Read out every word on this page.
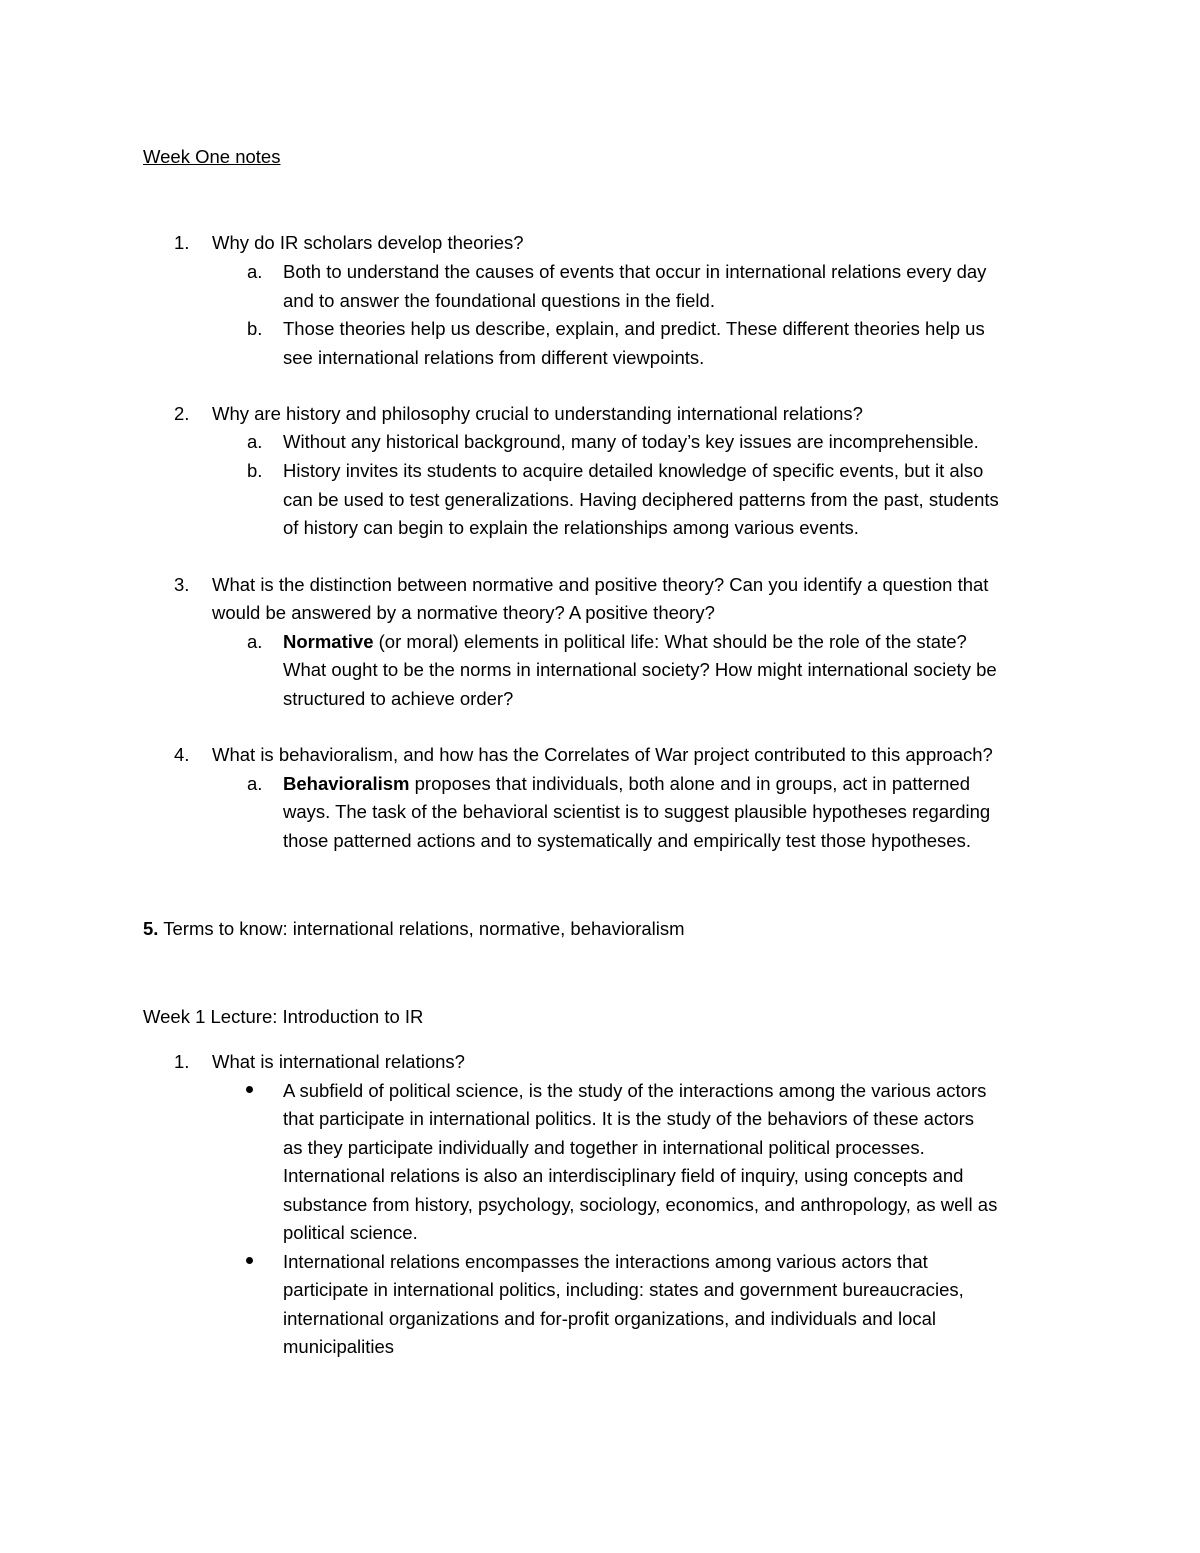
Week One notes
1. Why do IR scholars develop theories?
a. Both to understand the causes of events that occur in international relations every day
and to answer the foundational questions in the field.
b. Those theories help us describe, explain, and predict. These different theories help us
see international relations from different viewpoints.
2. Why are history and philosophy crucial to understanding international relations?
a. Without any historical background, many of today’s key issues are incomprehensible.
b. History invites its students to acquire detailed knowledge of specific events, but it also
can be used to test generalizations. Having deciphered patterns from the past, students
of history can begin to explain the relationships among various events.
3. What is the distinction between normative and positive theory? Can you identify a question that
would be answered by a normative theory? A positive theory?
a. Normative (or moral) elements in political life: What should be the role of the state?
What ought to be the norms in international society? How might international society be
structured to achieve order?
4. What is behavioralism, and how has the Correlates of War project contributed to this approach?
a. Behavioralism proposes that individuals, both alone and in groups, act in patterned
ways. The task of the behavioral scientist is to suggest plausible hypotheses regarding
those patterned actions and to systematically and empirically test those hypotheses.
5. Terms to know: international relations, normative, behavioralism
Week 1 Lecture: Introduction to IR
1. What is international relations?
A subfield of political science, is the study of the interactions among the various actors
that participate in international politics. It is the study of the behaviors of these actors
as they participate individually and together in international political processes.
International relations is also an interdisciplinary field of inquiry, using concepts and
substance from history, psychology, sociology, economics, and anthropology, as well as
political science.
International relations encompasses the interactions among various actors that
participate in international politics, including: states and government bureaucracies,
international organizations and for-profit organizations, and individuals and local
municipalities
